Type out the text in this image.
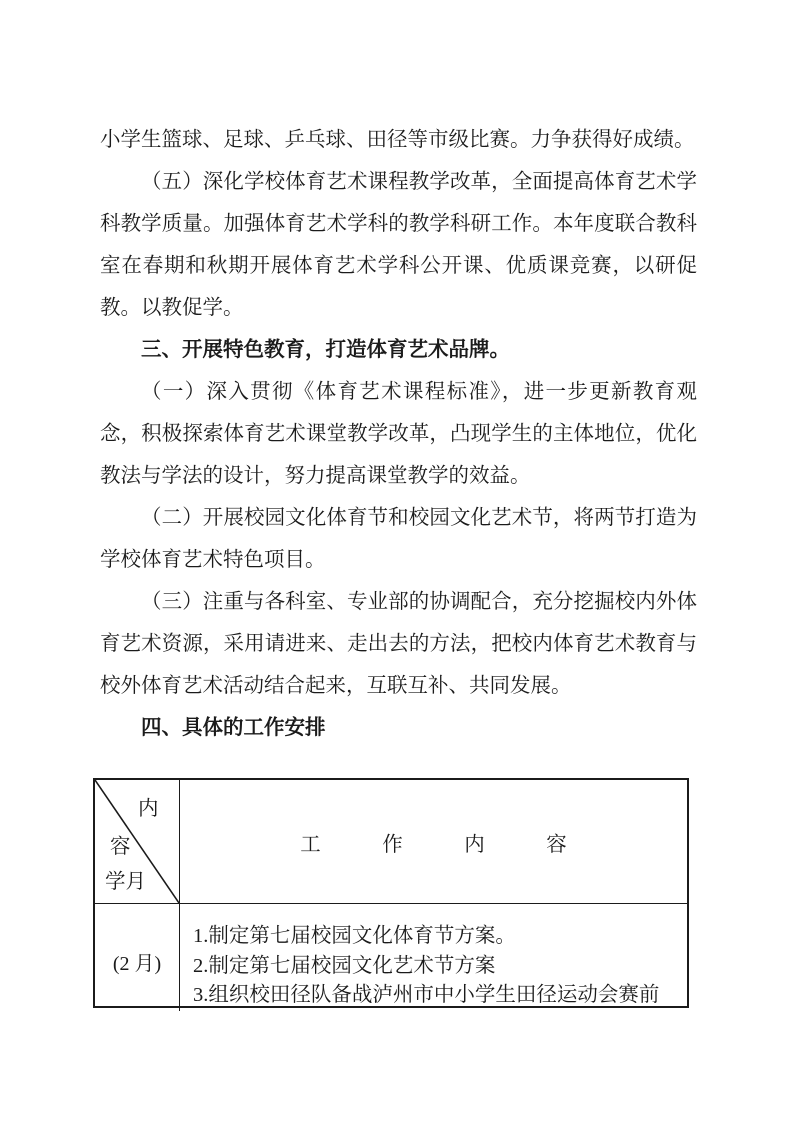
小学生篮球、足球、乒乓球、田径等市级比赛。力争获得好成绩。

（五）深化学校体育艺术课程教学改革，全面提高体育艺术学科教学质量。加强体育艺术学科的教学科研工作。本年度联合教科室在春期和秋期开展体育艺术学科公开课、优质课竞赛，以研促教。以教促学。

三、开展特色教育，打造体育艺术品牌。

（一）深入贯彻《体育艺术课程标准》，进一步更新教育观念，积极探索体育艺术课堂教学改革，凸现学生的主体地位，优化教法与学法的设计，努力提高课堂教学的效益。

（二）开展校园文化体育节和校园文化艺术节，将两节打造为学校体育艺术特色项目。

（三）注重与各科室、专业部的协调配合，充分挖掘校内外体育艺术资源，采用请进来、走出去的方法，把校内体育艺术教育与校外体育艺术活动结合起来，互联互补、共同发展。

四、具体的工作安排
内
容
学月
工　　　作　　　内　　　容
(2 月)
1.制定第七届校园文化体育节方案。
2.制定第七届校园文化艺术节方案
3.组织校田径队备战泸州市中小学生田径运动会赛前
